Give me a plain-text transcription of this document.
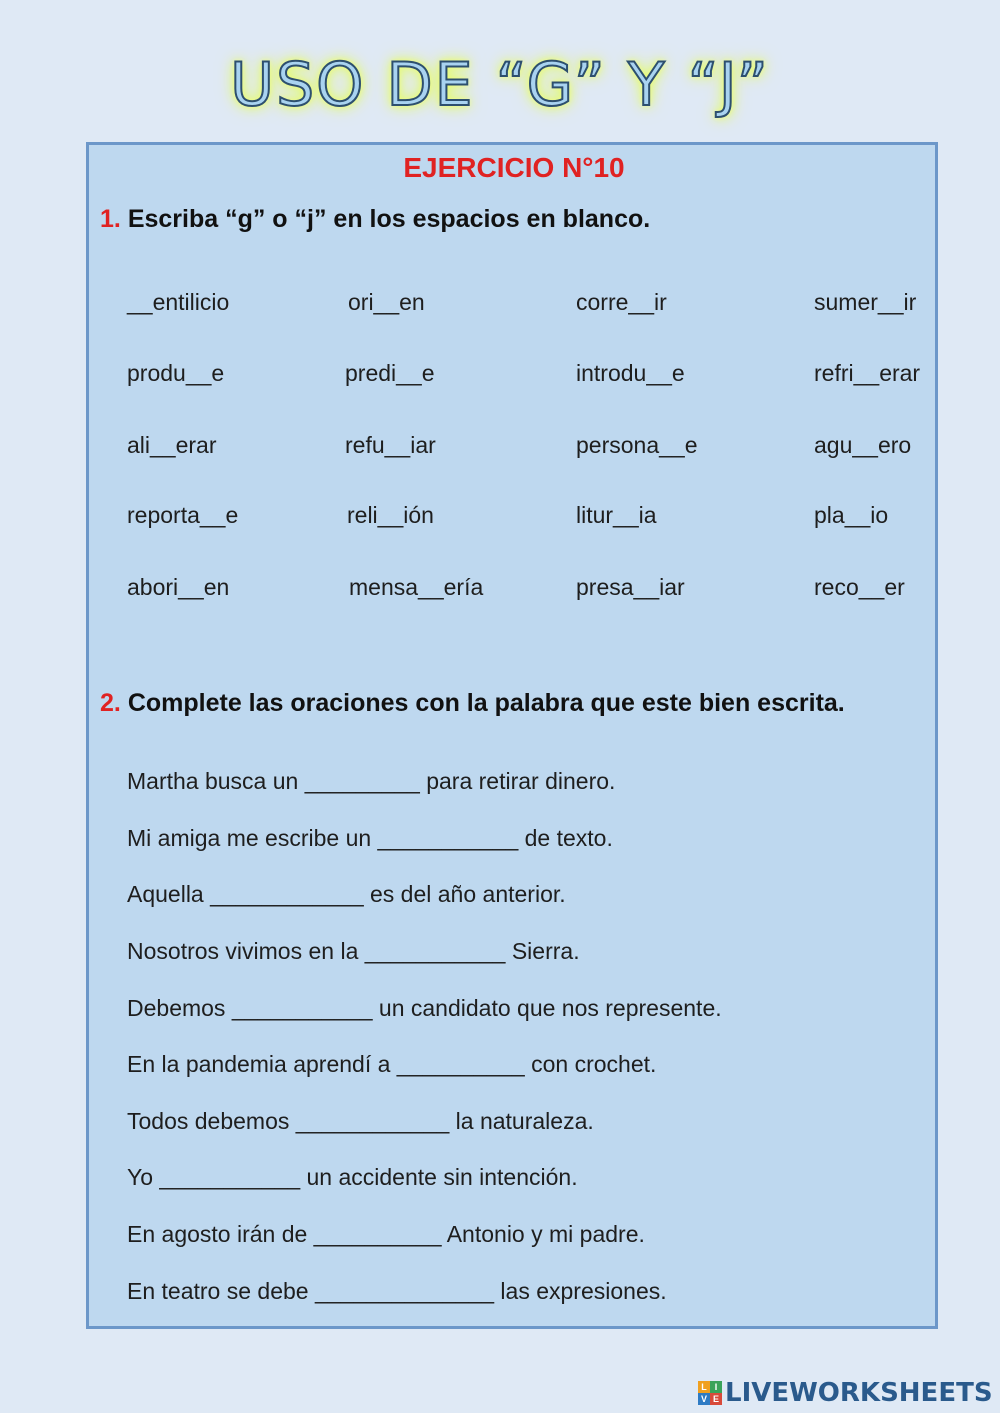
USO DE “G” Y “J”
EJERCICIO N°10
1. Escriba “g” o “j” en los espacios en blanco.
__entilicio	ori__en	corre__ir	sumer__ir
produ__e	predi__e	introdu__e	refri__erar
ali__erar	refu__iar	persona__e	agu__ero
reporta__e	reli__ión	litur__ia	pla__io
abori__en	mensa__ería	presa__iar	reco__er
2. Complete las oraciones con la palabra que este bien escrita.
Martha busca un _________ para retirar dinero.
Mi amiga me escribe un ___________ de texto.
Aquella ____________ es del año anterior.
Nosotros vivimos en la ___________ Sierra.
Debemos ___________ un candidato que nos represente.
En la pandemia aprendí a __________ con crochet.
Todos debemos ____________ la naturaleza.
Yo ___________ un accidente sin intención.
En agosto irán de __________ Antonio y mi padre.
En teatro se debe ______________ las expresiones.
L I
V E LIVEWORKSHEETS
